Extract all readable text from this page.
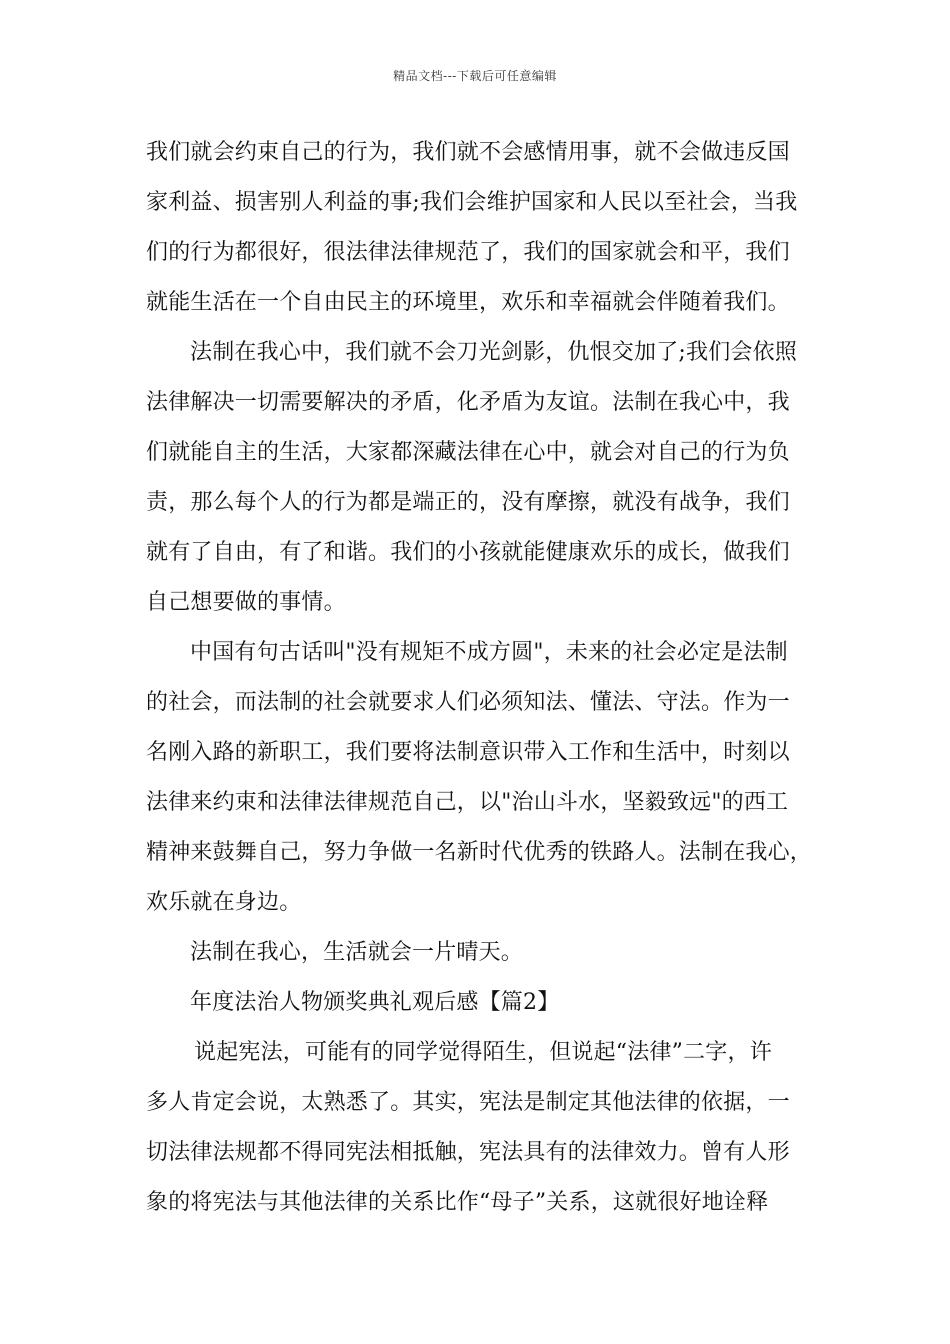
精品文档---下载后可任意编辑
我们就会约束自己的行为，我们就不会感情用事，就不会做违反国
家利益、损害别人利益的事;我们会维护国家和人民以至社会，当我
们的行为都很好，很法律法律规范了，我们的国家就会和平，我们
就能生活在一个自由民主的环境里，欢乐和幸福就会伴随着我们。
法制在我心中，我们就不会刀光剑影，仇恨交加了;我们会依照
法律解决一切需要解决的矛盾，化矛盾为友谊。法制在我心中，我
们就能自主的生活，大家都深藏法律在心中，就会对自己的行为负
责，那么每个人的行为都是端正的，没有摩擦，就没有战争，我们
就有了自由，有了和谐。我们的小孩就能健康欢乐的成长，做我们
自己想要做的事情。
中国有句古话叫"没有规矩不成方圆"，未来的社会必定是法制
的社会，而法制的社会就要求人们必须知法、懂法、守法。作为一
名刚入路的新职工，我们要将法制意识带入工作和生活中，时刻以
法律来约束和法律法律规范自己，以"治山斗水，坚毅致远"的西工
精神来鼓舞自己，努力争做一名新时代优秀的铁路人。法制在我心，
欢乐就在身边。
法制在我心，生活就会一片晴天。
年度法治人物颁奖典礼观后感【篇2】
说起宪法，可能有的同学觉得陌生，但说起“法律”二字，许
多人肯定会说，太熟悉了。其实，宪法是制定其他法律的依据，一
切法律法规都不得同宪法相抵触，宪法具有的法律效力。曾有人形
象的将宪法与其他法律的关系比作“母子”关系，这就很好地诠释
